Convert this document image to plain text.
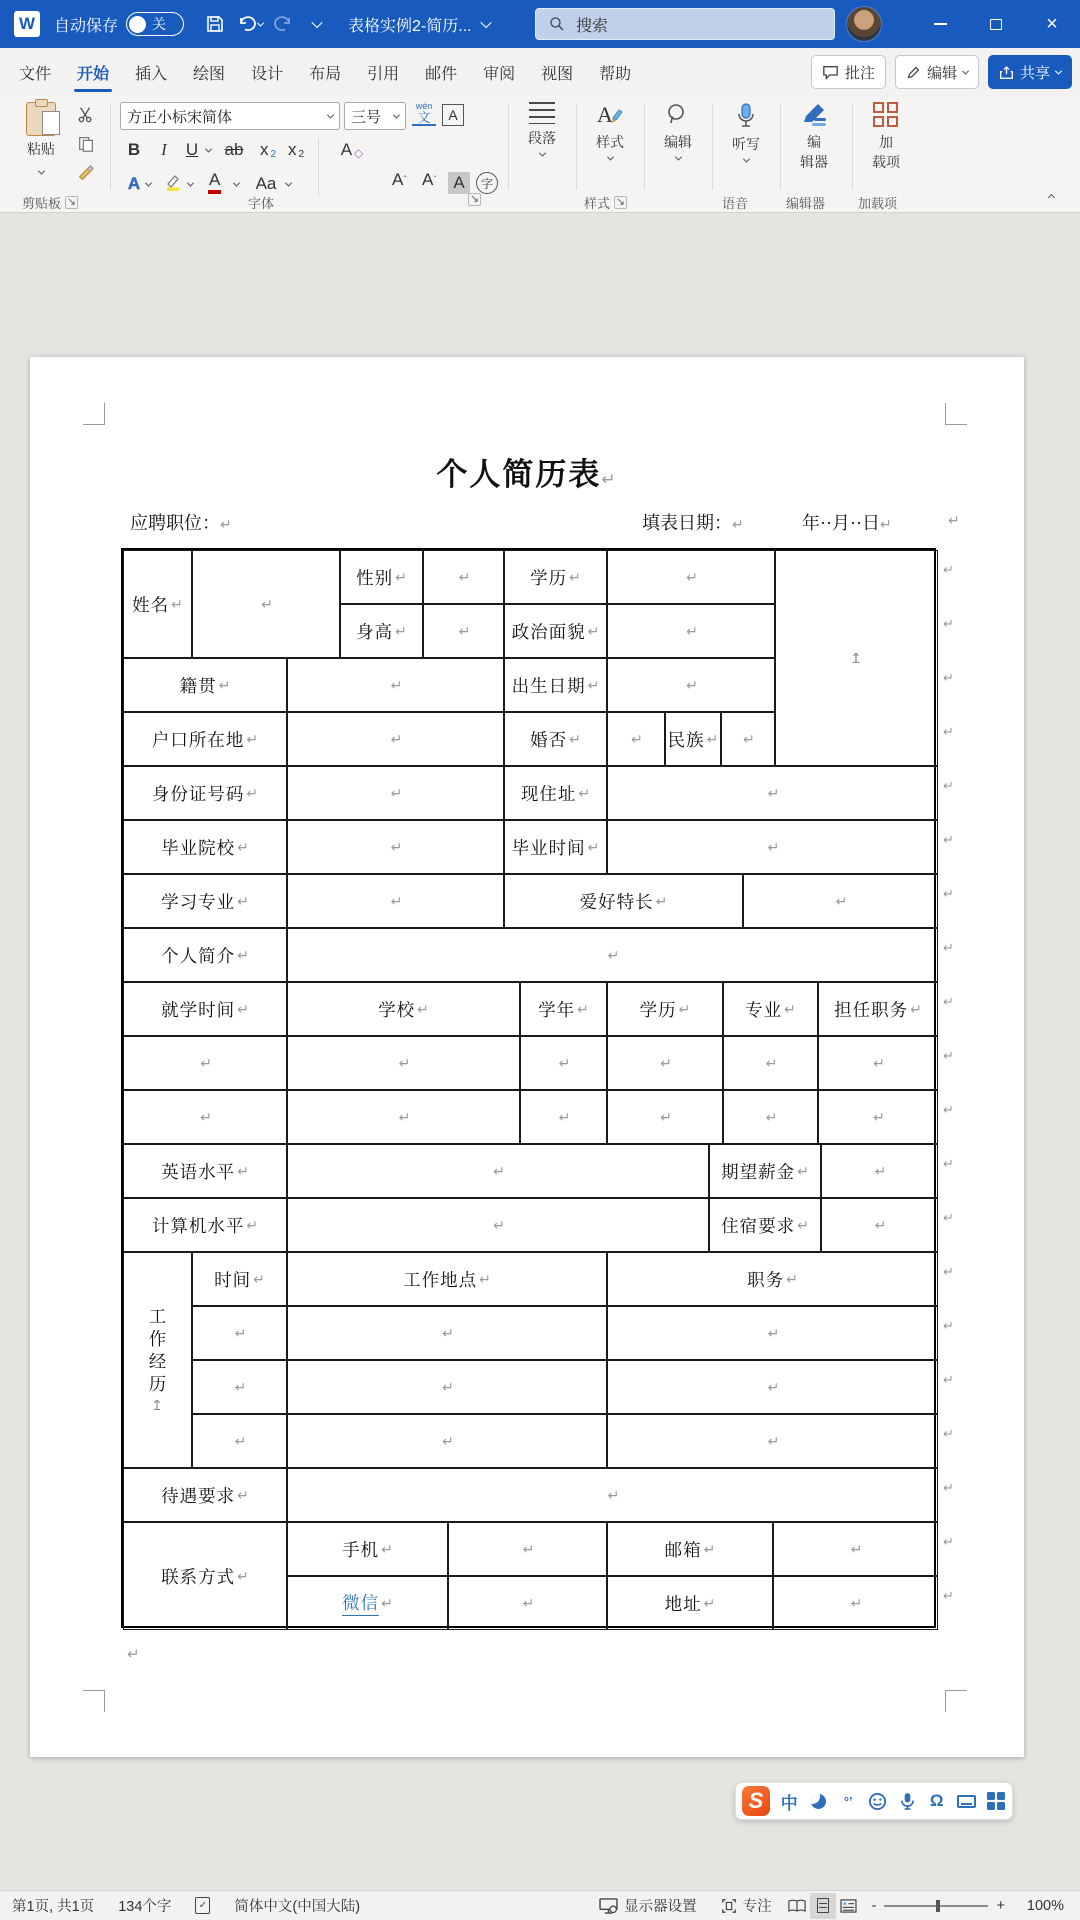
W	自动保存 关	表格实例2-简历...	搜索	×
文件	开始	插入	绘图	设计	布局	引用	邮件	审阅	视图	帮助	批注	编辑	共享
粘贴
方正小标宋简体	三号
wén
文	A
B	I	U ab x 2 x 2 A ◇
A	A Aa	A ˆ A ˇ A	字
段落
A
样式	编辑	听写	编
辑器
加
载项
剪贴板 ↘	字体	↘	样式 ↘	语音	编辑器	加载项
个人简历表↵
应聘职位：↵	填表日期：↵	年··月··日↵	↵
姓名 ↵	↵
性别 ↵	↵	学历 ↵	↵
身高 ↵	↵ 政治面貌 ↵	↵
↥
籍贯 ↵	↵	出生日期 ↵	↵
户口所在地 ↵	↵	婚否 ↵	↵ 民族 ↵ ↵
身份证号码 ↵	↵	现住址 ↵	↵
毕业院校 ↵	↵	毕业时间 ↵	↵
学习专业 ↵	↵	爱好特长 ↵	↵
个人简介 ↵	↵
就学时间 ↵	学校 ↵	学年 ↵	学历 ↵	专业 ↵ 担任职务 ↵
↵	↵	↵	↵	↵	↵
↵	↵	↵	↵	↵	↵
英语水平 ↵	↵	期望薪金 ↵	↵
计算机水平 ↵	↵	住宿要求 ↵	↵
工作经历
↥
时间 ↵	工作地点 ↵	职务 ↵
↵	↵	↵
↵	↵	↵
↵	↵	↵
待遇要求 ↵	↵
联系方式 ↵
手机 ↵	↵	邮箱 ↵	↵
微信 ↵	↵	地址 ↵	↵
↵
↵
↵
↵
↵
↵
↵
↵
↵
↵
↵
↵
↵
↵
↵
↵
↵
↵
↵
↵
↵
S	中	°’	Ω
第1页, 共1页	134个字	✓	简体中文(中国大陆)	显示器设置	专注	-	+	100%
